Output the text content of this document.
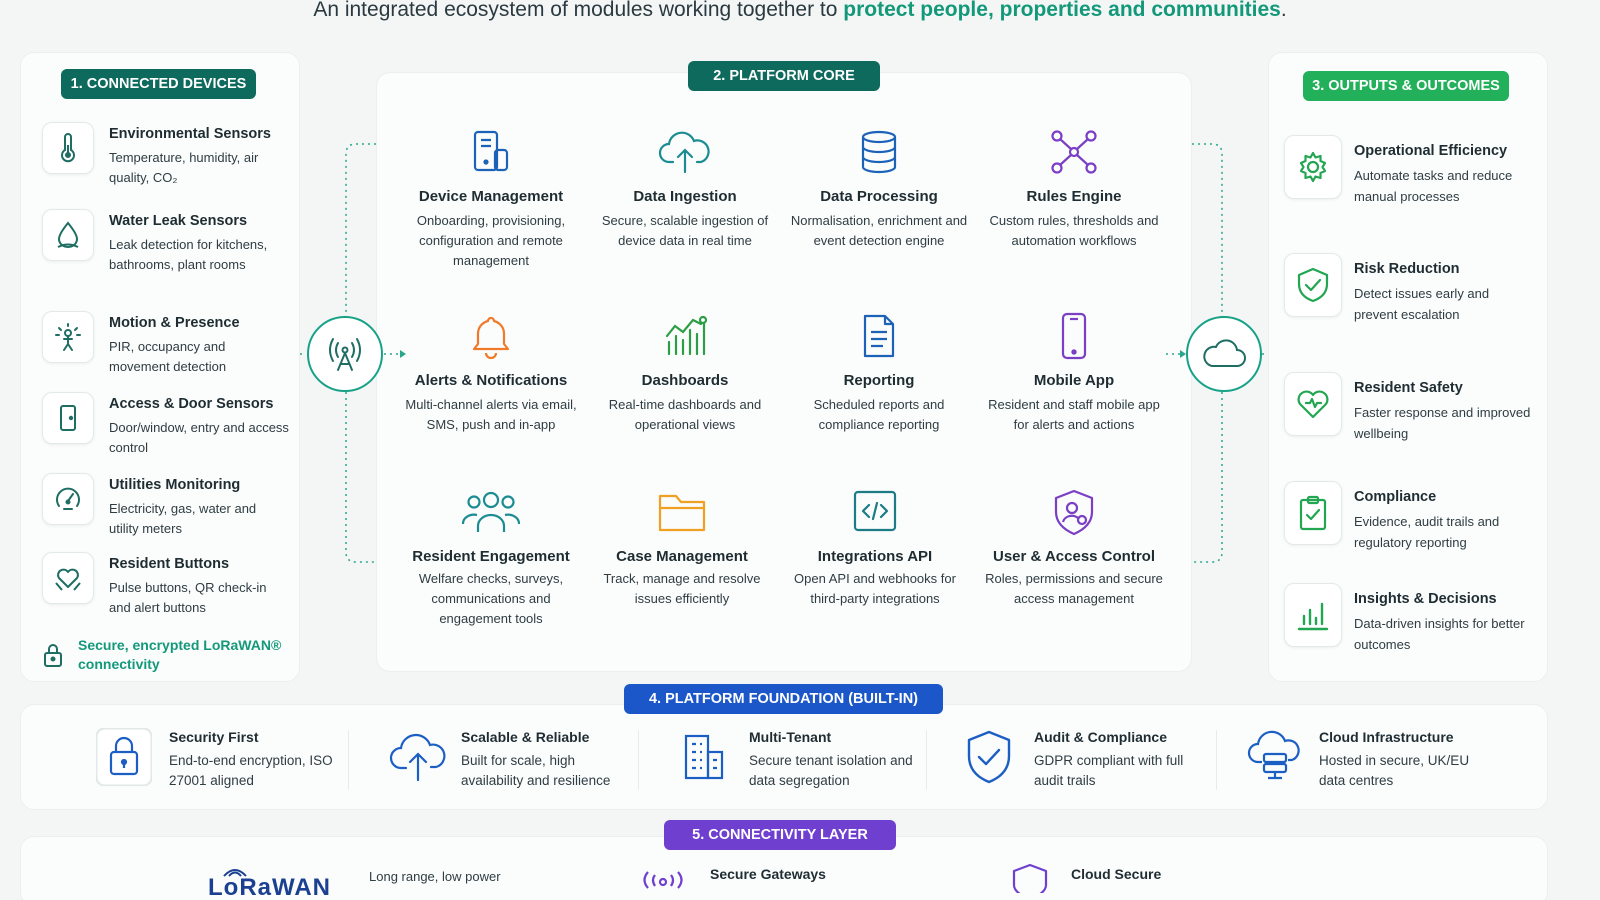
An integrated ecosystem of modules working together to protect people, properties and communities.
1. CONNECTED DEVICES	2. PLATFORM CORE
3. OUTPUTS & OUTCOMES
4. PLATFORM FOUNDATION (BUILT-IN)
5. CONNECTIVITY LAYER
Environmental Sensors
Temperature, humidity, air quality, CO₂
Water Leak Sensors
Leak detection for kitchens, bathrooms, plant rooms
Motion & Presence
PIR, occupancy and movement detection
Access & Door Sensors
Door/window, entry and access control
Utilities Monitoring
Electricity, gas, water and utility meters
Resident Buttons
Pulse buttons, QR check-in and alert buttons
Secure, encrypted LoRaWAN® connectivity
Device Management
Onboarding, provisioning, configuration and remote management
Data Ingestion
Secure, scalable ingestion of device data in real time
Data Processing
Normalisation, enrichment and event detection engine
Rules Engine
Custom rules, thresholds and automation workflows
Alerts & Notifications
Multi-channel alerts via email, SMS, push and in-app
Dashboards
Real-time dashboards and operational views
Reporting
Scheduled reports and compliance reporting
Mobile App
Resident and staff mobile app for alerts and actions
Resident Engagement
Welfare checks, surveys, communications and engagement tools
Case Management
Track, manage and resolve issues efficiently
Integrations API
Open API and webhooks for third-party integrations
User & Access Control
Roles, permissions and secure access management
Operational Efficiency
Automate tasks and reduce manual processes
Risk Reduction
Detect issues early and prevent escalation
Resident Safety
Faster response and improved wellbeing
Compliance
Evidence, audit trails and regulatory reporting
Insights & Decisions
Data-driven insights for better outcomes
Security First
End-to-end encryption, ISO 27001 aligned
Scalable & Reliable
Built for scale, high availability and resilience
Multi-Tenant
Secure tenant isolation and data segregation
Audit & Compliance
GDPR compliant with full audit trails
Cloud Infrastructure
Hosted in secure, UK/EU data centres
LoRaWAN	Long range, low power	Secure Gateways	Cloud Secure
